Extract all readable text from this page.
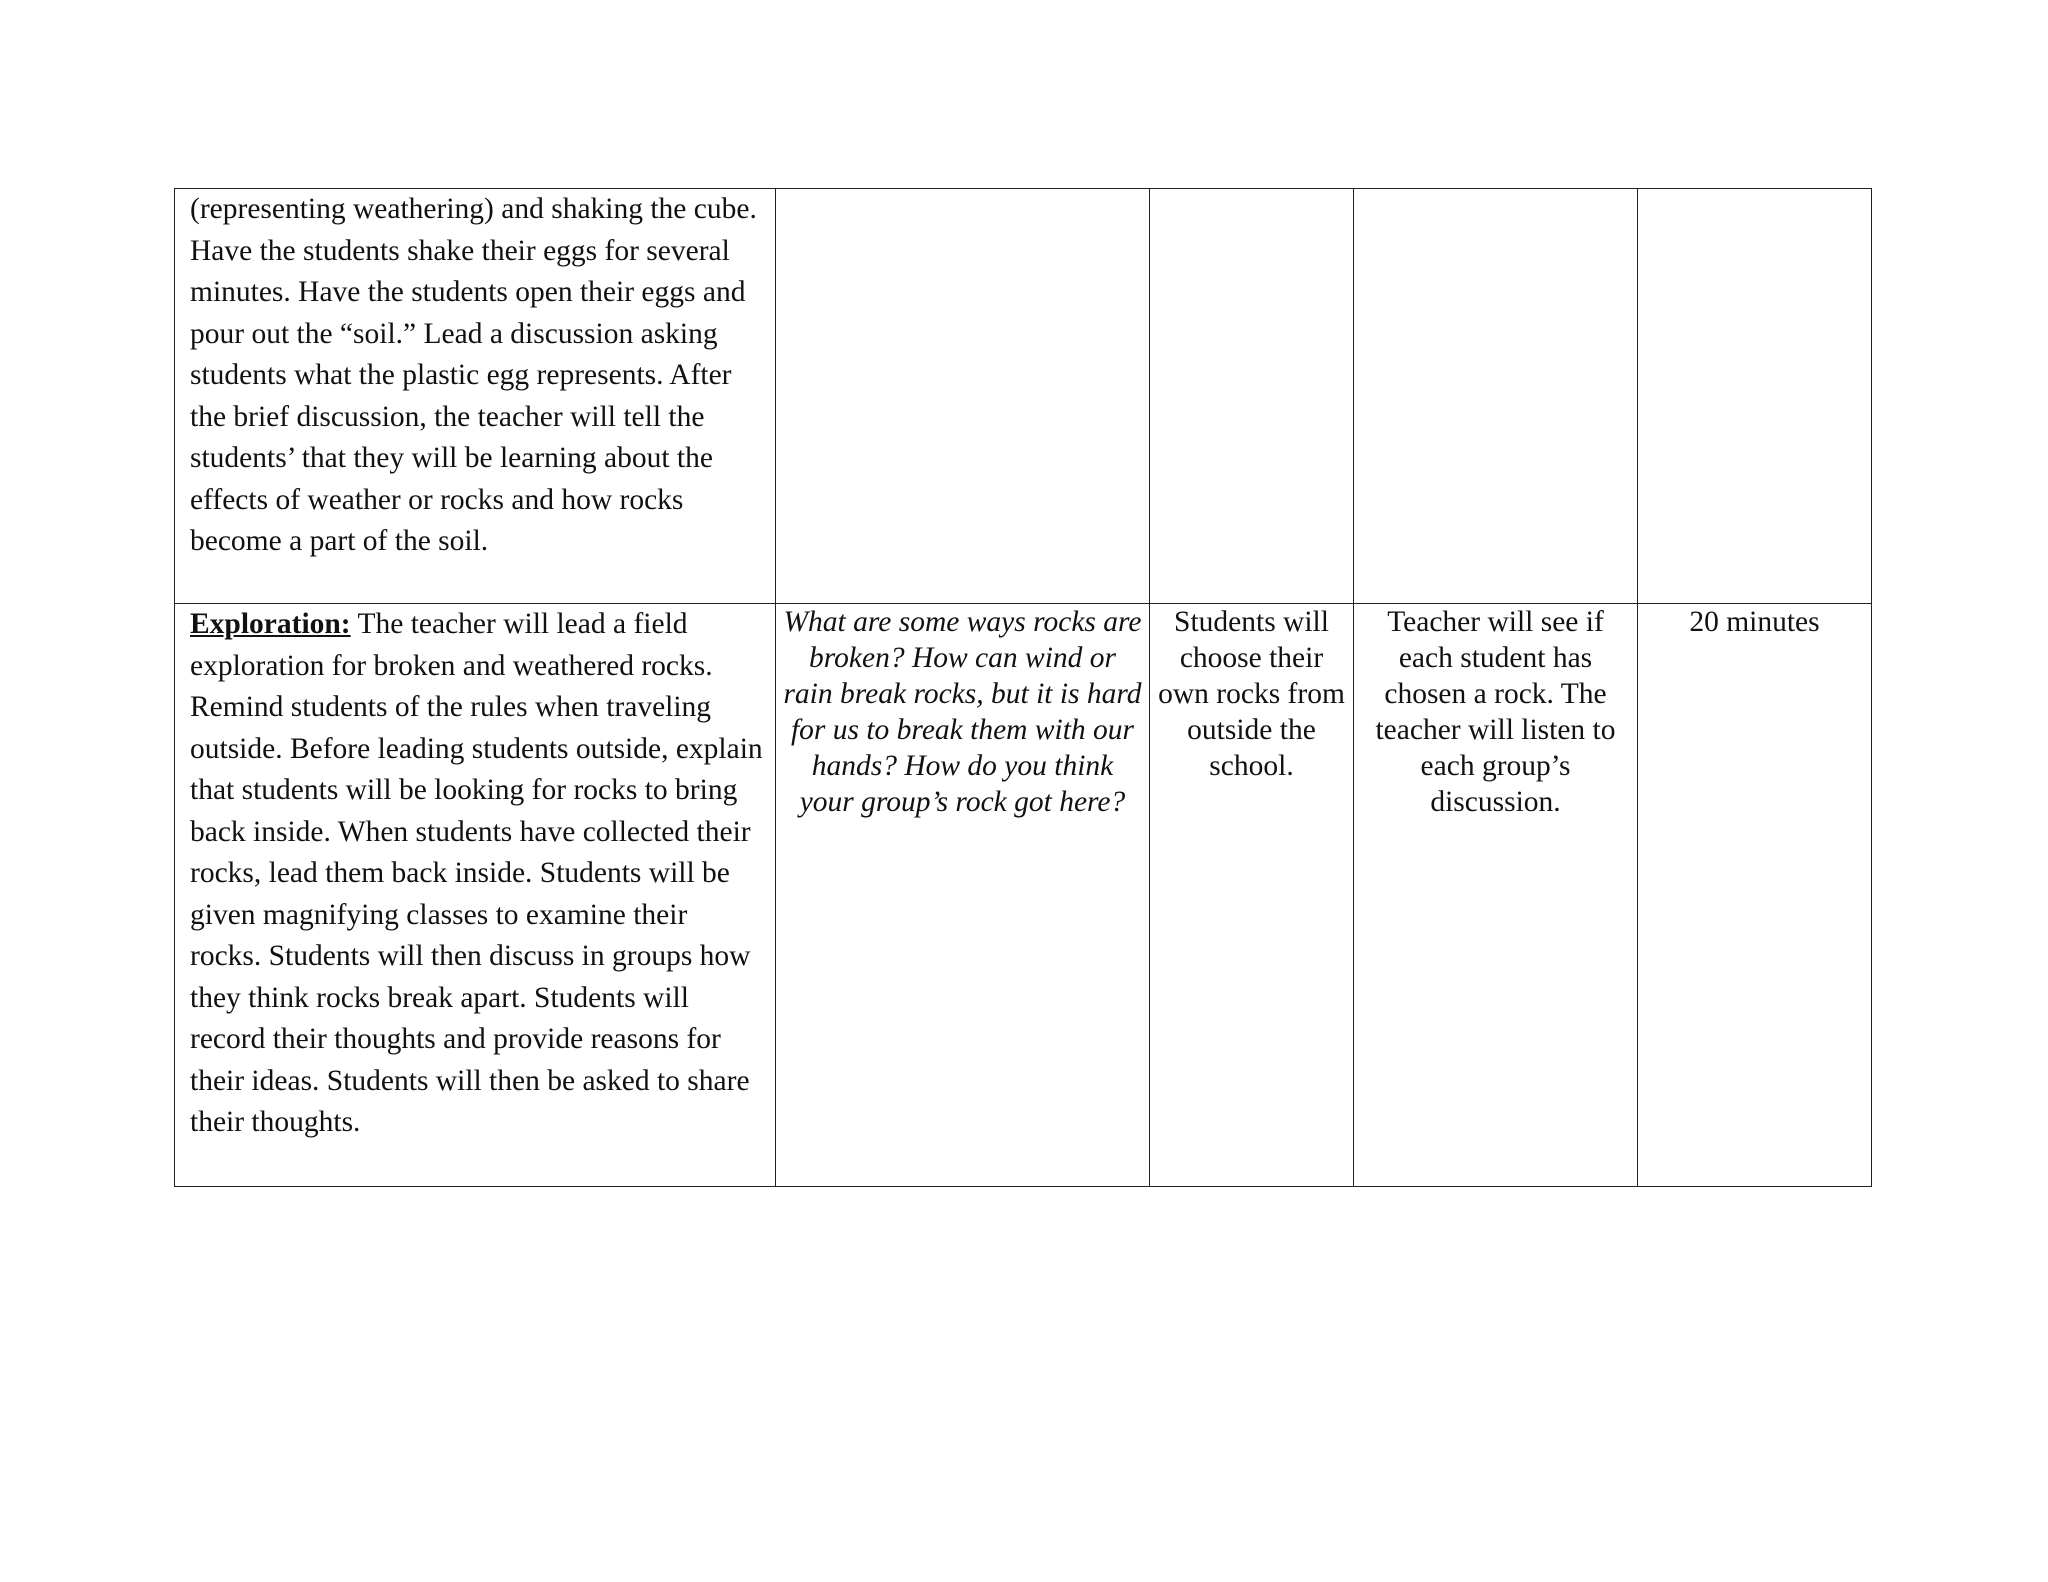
(representing weathering) and shaking the cube. Have the students shake their eggs for several minutes. Have the students open their eggs and pour out the “soil.” Lead a discussion asking students what the plastic egg represents. After the brief discussion, the teacher will tell the students’ that they will be learning about the effects of weather or rocks and how rocks become a part of the soil.				

Exploration: The teacher will lead a field exploration for broken and weathered rocks. Remind students of the rules when traveling outside. Before leading students outside, explain that students will be looking for rocks to bring back inside. When students have collected their rocks, lead them back inside. Students will be given magnifying classes to examine their rocks. Students will then discuss in groups how they think rocks break apart. Students will record their thoughts and provide reasons for their ideas. Students will then be asked to share their thoughts.	What are some ways rocks are broken? How can wind or rain break rocks, but it is hard for us to break them with our hands? How do you think your group’s rock got here?	Students will choose their own rocks from outside the school.	Teacher will see if each student has chosen a rock. The teacher will listen to each group’s discussion.	20 minutes
